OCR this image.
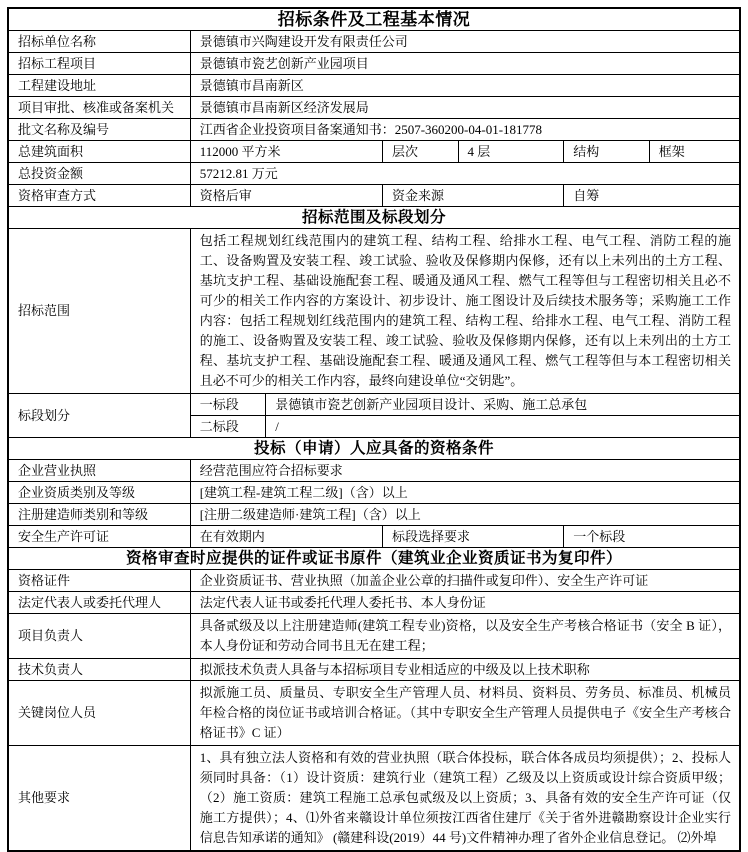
招标条件及工程基本情况						
招标单位名称	景德镇市兴陶建设开发有限责任公司					
招标工程项目	景德镇市瓷艺创新产业园项目					
工程建设地址	景德镇市昌南新区					
项目审批、核准或备案机关	景德镇市昌南新区经济发展局					
批文名称及编号	江西省企业投资项目备案通知书：2507-360200-04-01-181778					
总建筑面积	112000 平方米		层次	4 层	结构	框架
总投资金额	57212.81 万元					
资格审查方式	资格后审		资金来源		自筹	
招标范围及标段划分						
招标范围	包括工程规划红线范围内的建筑工程、结构工程、给排水工程、电气工程、消防工程的施工、设备购置及安装工程、竣工试验、验收及保修期内保修，还有以上未列出的土方工程、基坑支护工程、基础设施配套工程、暖通及通风工程、燃气工程等但与工程密切相关且必不可少的相关工作内容的方案设计、初步设计、施工图设计及后续技术服务等；采购施工工作内容：包括工程规划红线范围内的建筑工程、结构工程、给排水工程、电气工程、消防工程的施工、设备购置及安装工程、竣工试验、验收及保修期内保修，还有以上未列出的土方工程、基坑支护工程、基础设施配套工程、暖通及通风工程、燃气工程等但与本工程密切相关且必不可少的相关工作内容，最终向建设单位“交钥匙”。					
标段划分	一标段	景德镇市瓷艺创新产业园项目设计、采购、施工总承包				
	二标段	/				
投标（申请）人应具备的资格条件						
企业营业执照	经营范围应符合招标要求					
企业资质类别及等级	[建筑工程-建筑工程二级]（含）以上					
注册建造师类别和等级	[注册二级建造师·建筑工程]（含）以上					
安全生产许可证	在有效期内		标段选择要求		一个标段	
资格审查时应提供的证件或证书原件（建筑业企业资质证书为复印件）						
资格证件	企业资质证书、营业执照（加盖企业公章的扫描件或复印件）、安全生产许可证					
法定代表人或委托代理人	法定代表人证书或委托代理人委托书、本人身份证					
项目负责人	具备贰级及以上注册建造师(建筑工程专业)资格，以及安全生产考核合格证书（安全 B 证），本人身份证和劳动合同书且无在建工程；					
技术负责人	拟派技术负责人具备与本招标项目专业相适应的中级及以上技术职称					
关键岗位人员	拟派施工员、质量员、专职安全生产管理人员、材料员、资料员、劳务员、标准员、机械员年检合格的岗位证书或培训合格证。（其中专职安全生产管理人员提供电子《安全生产考核合格证书》C 证）					
其他要求	1、具有独立法人资格和有效的营业执照（联合体投标，联合体各成员均须提供）；2、投标人须同时具备：（1）设计资质：建筑行业（建筑工程）乙级及以上资质或设计综合资质甲级；（2）施工资质：建筑工程施工总承包贰级及以上资质；3、具备有效的安全生产许可证（仅施工方提供）；4、⑴外省来赣设计单位须按江西省住建厅《关于省外进赣勘察设计企业实行信息告知承诺的通知》 (赣建科设(2019）44 号)文件精神办理了省外企业信息登记。 ⑵外埠					
